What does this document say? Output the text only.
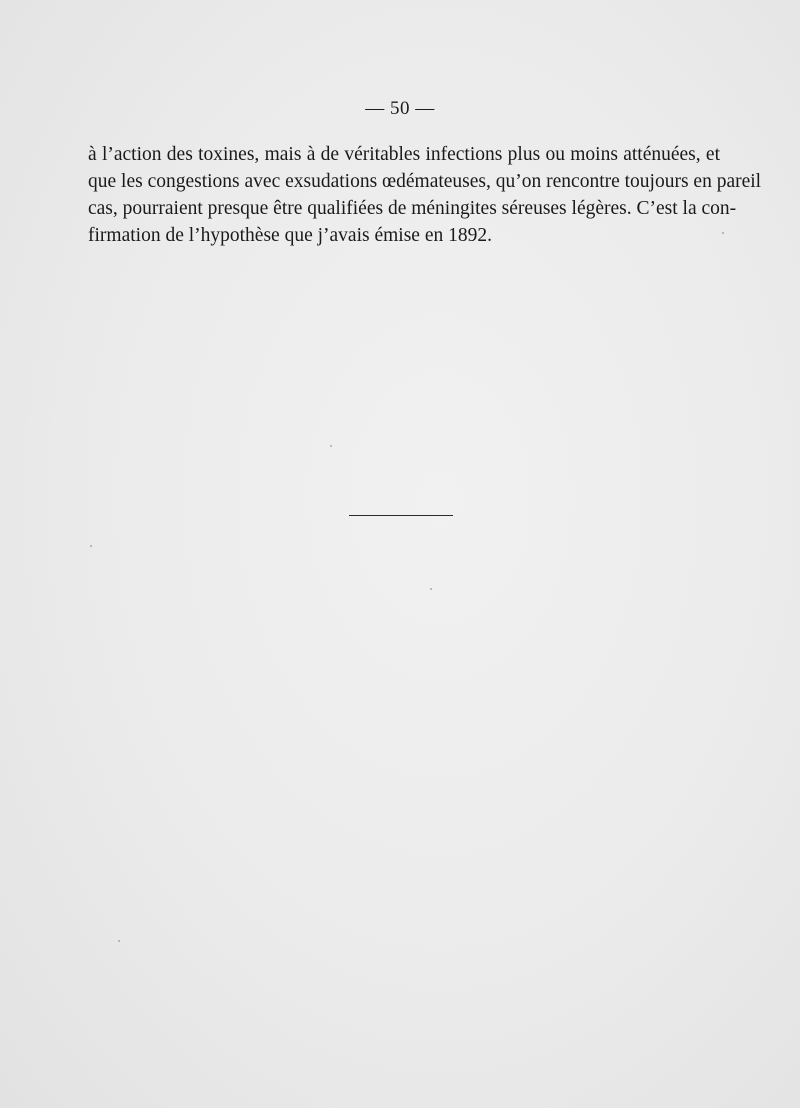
— 50 —
à l’action des toxines, mais à de véritables infections plus ou moins atténuées, et
que les congestions avec exsudations œdémateuses, qu’on rencontre toujours en pareil
cas, pourraient presque être qualifiées de méningites séreuses légères. C’est la con-
firmation de l’hypothèse que j’avais émise en 1892.
